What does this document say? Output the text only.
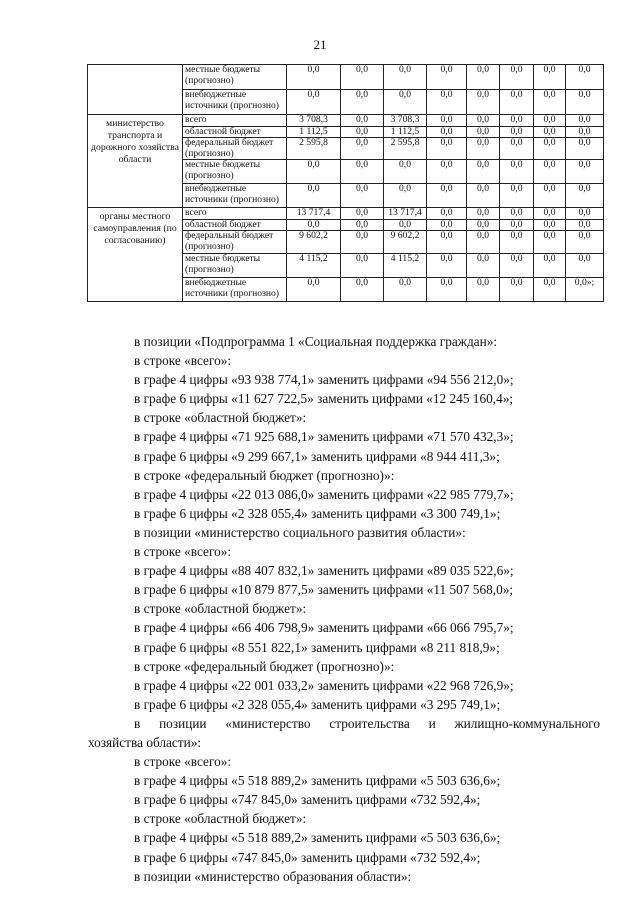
21
	местные бюджеты (прогнозно)	0,0	0,0	0,0	0,0	0,0	0,0	0,0	0,0
	внебюджетные источники (прогнозно)	0,0	0,0	0,0	0,0	0,0	0,0	0,0	0,0
министерство транспорта и дорожного хозяйства области	всего	3 708,3	0,0	3 708,3	0,0	0,0	0,0	0,0	0,0
	областной бюджет	1 112,5	0,0	1 112,5	0,0	0,0	0,0	0,0	0,0
	федеральный бюджет (прогнозно)	2 595,8	0,0	2 595,8	0,0	0,0	0,0	0,0	0,0
	местные бюджеты (прогнозно)	0,0	0,0	0,0	0,0	0,0	0,0	0,0	0,0
	внебюджетные источники (прогнозно)	0,0	0,0	0,0	0,0	0,0	0,0	0,0	0,0
органы местного самоуправления (по согласованию)	всего	13 717,4	0,0	13 717,4	0,0	0,0	0,0	0,0	0,0
	областной бюджет	0,0	0,0	0,0	0,0	0,0	0,0	0,0	0,0
	федеральный бюджет (прогнозно)	9 602,2	0,0	9 602,2	0,0	0,0	0,0	0,0	0,0
	местные бюджеты (прогнозно)	4 115,2	0,0	4 115,2	0,0	0,0	0,0	0,0	0,0
	внебюджетные источники (прогнозно)	0,0	0,0	0,0	0,0	0,0	0,0	0,0	0,0»;

в позиции «Подпрограмма 1 «Социальная поддержка граждан»:

в строке «всего»:

в графе 4 цифры «93 938 774,1» заменить цифрами «94 556 212,0»;

в графе 6 цифры «11 627 722,5» заменить цифрами «12 245 160,4»;

в строке «областной бюджет»:

в графе 4 цифры «71 925 688,1» заменить цифрами «71 570 432,3»;

в графе 6 цифры «9 299 667,1» заменить цифрами «8 944 411,3»;

в строке «федеральный бюджет (прогнозно)»:

в графе 4 цифры «22 013 086,0» заменить цифрами «22 985 779,7»;

в графе 6 цифры «2 328 055,4» заменить цифрами «3 300 749,1»;

в позиции «министерство социального развития области»:

в строке «всего»:

в графе 4 цифры «88 407 832,1» заменить цифрами «89 035 522,6»;

в графе 6 цифры «10 879 877,5» заменить цифрами «11 507 568,0»;

в строке «областной бюджет»:

в графе 4 цифры «66 406 798,9» заменить цифрами «66 066 795,7»;

в графе 6 цифры «8 551 822,1» заменить цифрами «8 211 818,9»;

в строке «федеральный бюджет (прогнозно)»:

в графе 4 цифры «22 001 033,2» заменить цифрами «22 968 726,9»;

в графе 6 цифры «2 328 055,4» заменить цифрами «3 295 749,1»;

в позиции «министерство строительства и жилищно-коммунального

хозяйства области»:

в строке «всего»:

в графе 4 цифры «5 518 889,2» заменить цифрами «5 503 636,6»;

в графе 6 цифры «747 845,0» заменить цифрами «732 592,4»;

в строке «областной бюджет»:

в графе 4 цифры «5 518 889,2» заменить цифрами «5 503 636,6»;

в графе 6 цифры «747 845,0» заменить цифрами «732 592,4»;

в позиции «министерство образования области»:
